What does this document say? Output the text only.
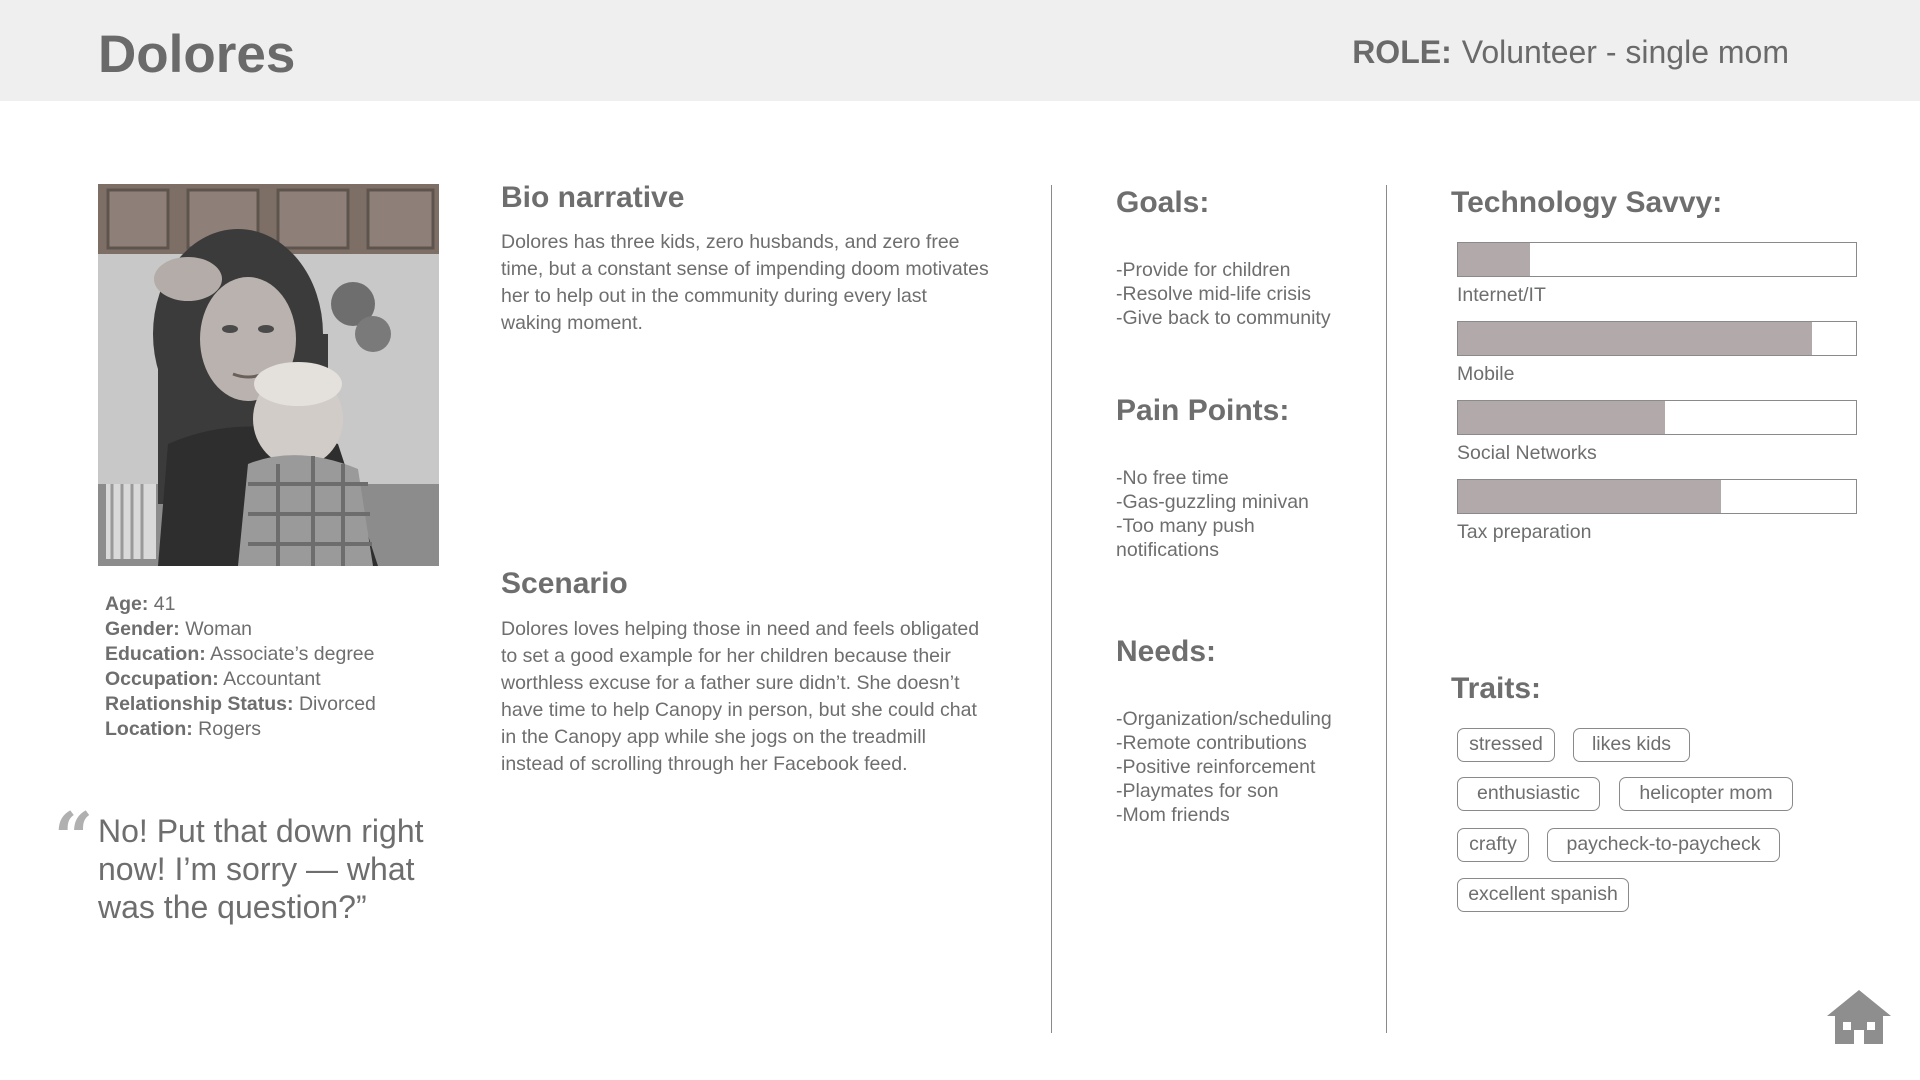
Dolores	ROLE: Volunteer - single mom
Age: 41
Gender: Woman
Education: Associate’s degree
Occupation: Accountant
Relationship Status: Divorced
Location: Rogers
“ No! Put that down right now! I’m sorry — what was the question?”
Bio narrative
Dolores has three kids, zero husbands, and zero free time, but a constant sense of impending doom motivates her to help out in the community during every last waking moment.
Scenario
Dolores loves helping those in need and feels obligated to set a good example for her children because their worthless excuse for a father sure didn’t. She doesn’t have time to help Canopy in person, but she could chat in the Canopy app while she jogs on the treadmill instead of scrolling through her Facebook feed.
Goals:
-Provide for children
-Resolve mid-life crisis
-Give back to community
Pain Points:
-No free time
-Gas-guzzling minivan
-Too many push notifications
Needs:
-Organization/scheduling
-Remote contributions
-Positive reinforcement
-Playmates for son
-Mom friends
Technology Savvy:
Internet/IT
Mobile
Social Networks
Tax preparation
Traits:
stressed	likes kids
enthusiastic	helicopter mom
crafty	paycheck-to-paycheck
excellent spanish
